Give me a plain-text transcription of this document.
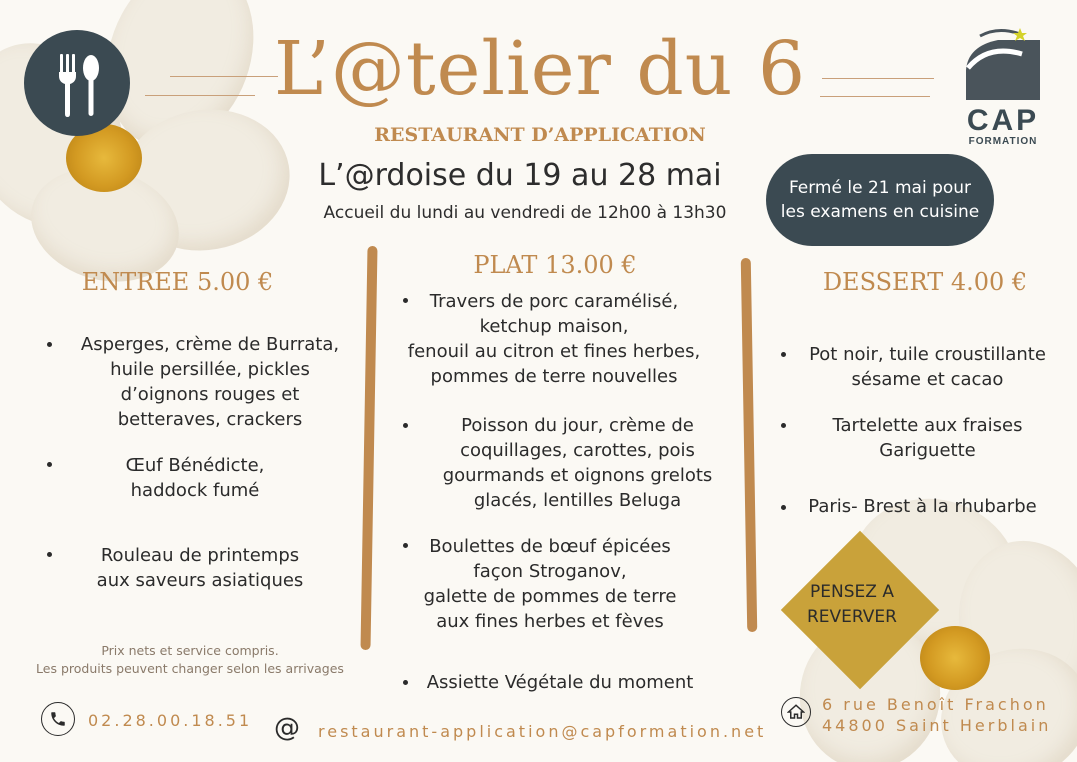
L’@telier du 6
RESTAURANT D’APPLICATION
L’@rdoise du 19 au 28 mai
Accueil du lundi au vendredi de 12h00 à 13h30
Fermé le 21 mai pour
les examens en cuisine
CAP
FORMATION
ENTREE 5.00 €
Asperges, crème de Burrata,
huile persillée, pickles
d’oignons rouges et
betteraves, crackers
Œuf Bénédicte,
haddock fumé
Rouleau de printemps
aux saveurs asiatiques
Prix nets et service compris.
Les produits peuvent changer selon les arrivages
PLAT 13.00 €
Travers de porc caramélisé,
ketchup maison,
fenouil au citron et fines herbes,
pommes de terre nouvelles
Poisson du jour, crème de
coquillages, carottes, pois
gourmands et oignons grelots
glacés, lentilles Beluga
Boulettes de bœuf épicées
façon Stroganov,
galette de pommes de terre
aux fines herbes et fèves
Assiette Végétale du moment
DESSERT 4.00 €
Pot noir, tuile croustillante
sésame et cacao
Tartelette aux fraises
Gariguette
Paris- Brest à la rhubarbe
PENSEZ A
REVERVER
02.28.00.18.51 @ restaurant-application@capformation.net
6 rue Benoît Frachon
44800 Saint Herblain
